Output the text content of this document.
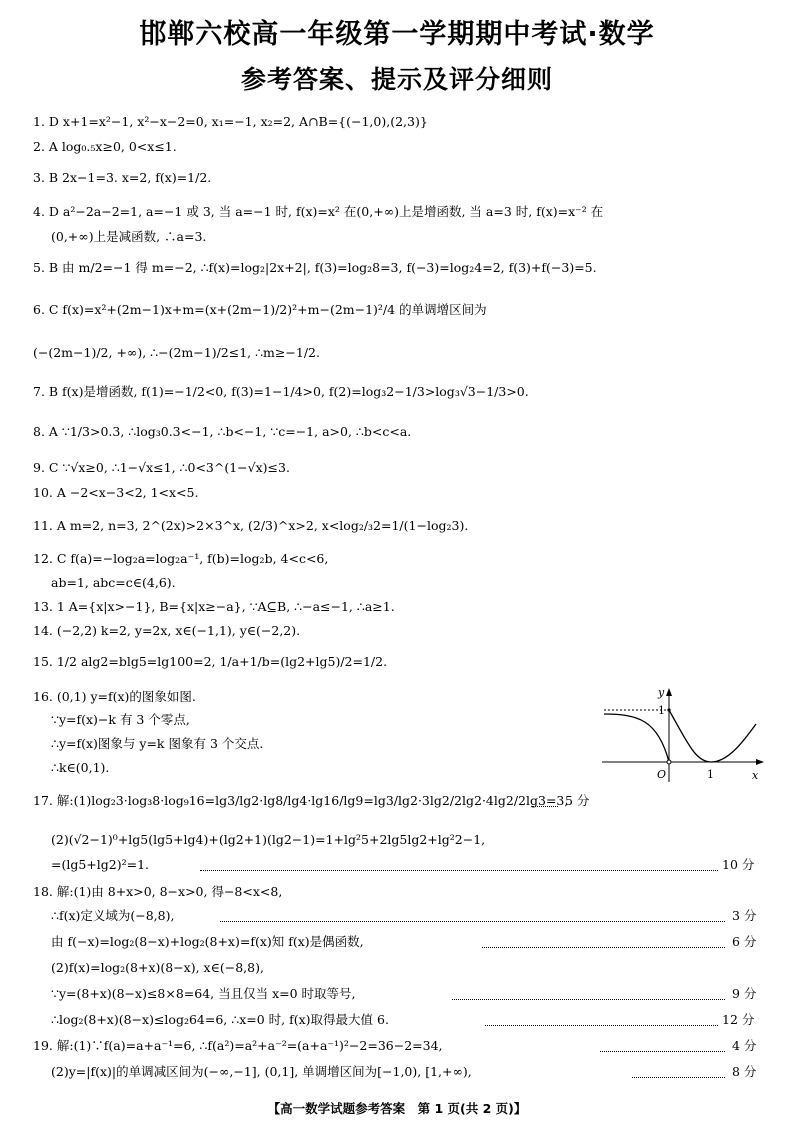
邯郸六校高一年级第一学期期中考试·数学
参考答案、提示及评分细则
1. D x+1=x²−1, x²−x−2=0, x₁=−1, x₂=2, A∩B={(−1,0),(2,3)}
2. A log₀.₅x≥0, 0<x≤1.
3. B 2x−1=3. x=2, f(x)=1/2.
4. D a²−2a−2=1, a=−1 或 3, 当 a=−1 时, f(x)=x² 在(0,+∞)上是增函数, 当 a=3 时, f(x)=x⁻² 在
(0,+∞)上是减函数, ∴a=3.
5. B 由 m/2=−1 得 m=−2, ∴f(x)=log₂|2x+2|, f(3)=log₂8=3, f(−3)=log₂4=2, f(3)+f(−3)=5.
6. C f(x)=x²+(2m−1)x+m=(x+(2m−1)/2)²+m−(2m−1)²/4 的单调增区间为
(−(2m−1)/2, +∞), ∴−(2m−1)/2≤1, ∴m≥−1/2.
7. B f(x)是增函数, f(1)=−1/2<0, f(3)=1−1/4>0, f(2)=log₃2−1/3>log₃√3−1/3>0.
8. A ∵1/3>0.3, ∴log₃0.3<−1, ∴b<−1, ∵c=−1, a>0, ∴b<c<a.
9. C ∵√x≥0, ∴1−√x≤1, ∴0<3^(1−√x)≤3.
10. A −2<x−3<2, 1<x<5.
11. A m=2, n=3, 2^(2x)>2×3^x, (2/3)^x>2, x<log₂/₃2=1/(1−log₂3).
12. C f(a)=−log₂a=log₂a⁻¹, f(b)=log₂b, 4<c<6,
ab=1, abc=c∈(4,6).
13. 1 A={x|x>−1}, B={x|x≥−a}, ∵A⊆B, ∴−a≤−1, ∴a≥1.
14. (−2,2) k=2, y=2x, x∈(−1,1), y∈(−2,2).
15. 1/2 alg2=blg5=lg100=2, 1/a+1/b=(lg2+lg5)/2=1/2.
16. (0,1) y=f(x)的图象如图.
∵y=f(x)−k 有 3 个零点,
∴y=f(x)图象与 y=k 图象有 3 个交点.
∴k∈(0,1).
y
x
O	1
1
17. 解:(1)log₂3·log₃8·log₉16=lg3/lg2·lg8/lg4·lg16/lg9=lg3/lg2·3lg2/2lg2·4lg2/2lg3=3,
5 分
(2)(√2−1)⁰+lg5(lg5+lg4)+(lg2+1)(lg2−1)=1+lg²5+2lg5lg2+lg²2−1,
=(lg5+lg2)²=1.	10 分
18. 解:(1)由 8+x>0, 8−x>0, 得−8<x<8,
∴f(x)定义域为(−8,8),	3 分
由 f(−x)=log₂(8−x)+log₂(8+x)=f(x)知 f(x)是偶函数,	6 分
(2)f(x)=log₂(8+x)(8−x), x∈(−8,8),
∵y=(8+x)(8−x)≤8×8=64, 当且仅当 x=0 时取等号,	9 分
∴log₂(8+x)(8−x)≤log₂64=6, ∴x=0 时, f(x)取得最大值 6.	12 分
19. 解:(1)∵f(a)=a+a⁻¹=6, ∴f(a²)=a²+a⁻²=(a+a⁻¹)²−2=36−2=34,	4 分
(2)y=|f(x)|的单调减区间为(−∞,−1], (0,1], 单调增区间为[−1,0), [1,+∞),	8 分
【高一数学试题参考答案　第 1 页(共 2 页)】
